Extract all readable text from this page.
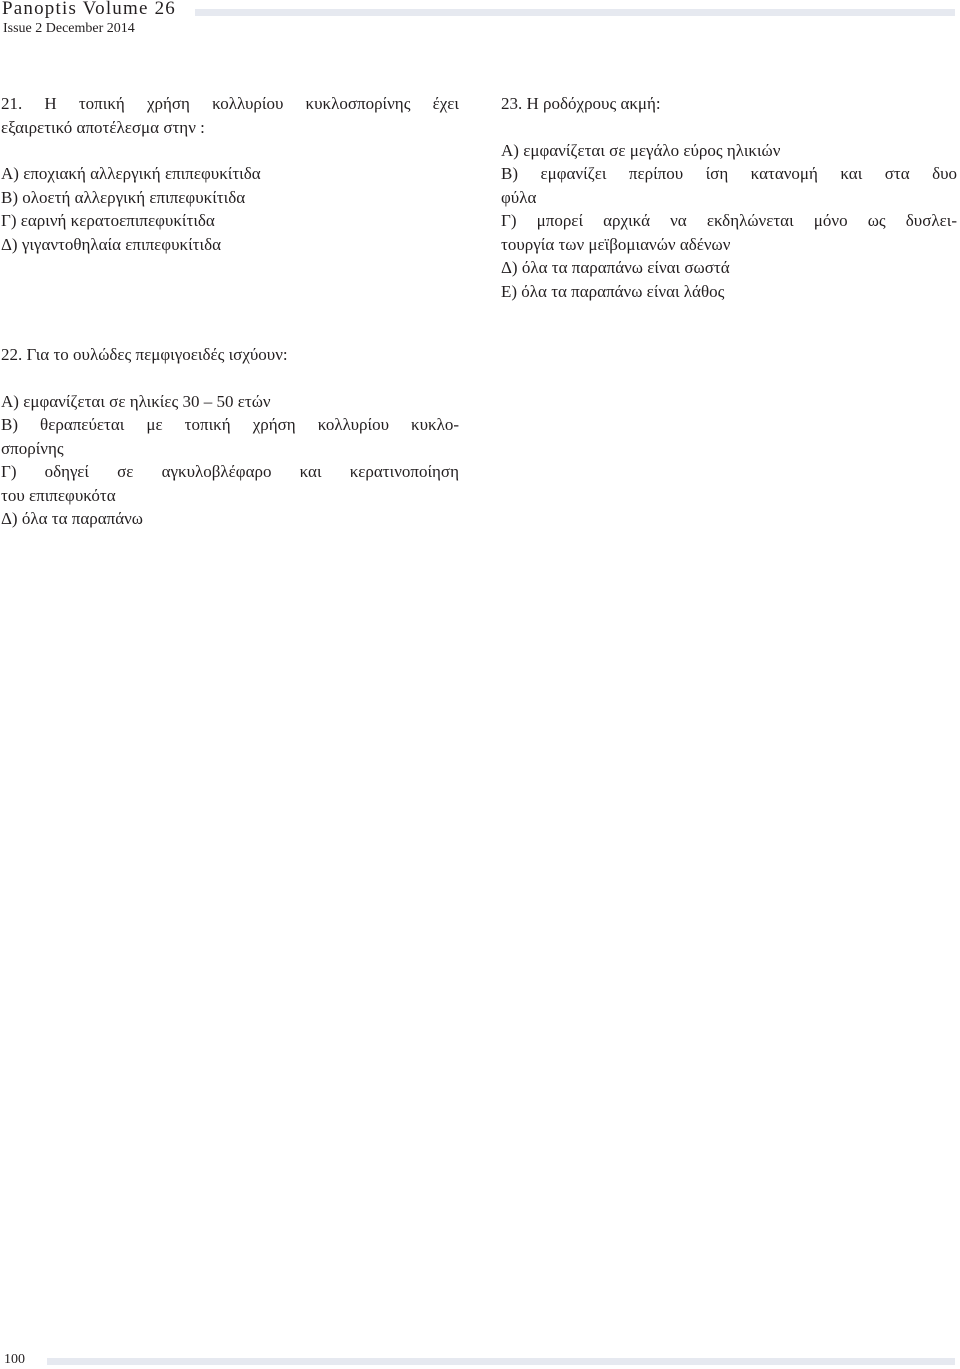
Panoptis Volume 26
Issue 2 December 2014
21. Η τοπική χρήση κολλυρίου κυκλοσπορίνης έχει
εξαιρετικό αποτέλεσμα στην :
Α) εποχιακή αλλεργική επιπεφυκίτιδα
Β) ολοετή αλλεργική επιπεφυκίτιδα
Γ) εαρινή κερατοεπιπεφυκίτιδα
Δ) γιγαντοθηλαία επιπεφυκίτιδα
22. Για το ουλώδες πεμφιγοειδές ισχύουν:
Α) εμφανίζεται σε ηλικίες 30 – 50 ετών
Β) θεραπεύεται με τοπική χρήση κολλυρίου κυκλο-
σπορίνης
Γ) οδηγεί σε αγκυλοβλέφαρο και κερατινοποίηση
του επιπεφυκότα
Δ) όλα τα παραπάνω
23. Η ροδόχρους ακμή:
Α) εμφανίζεται σε μεγάλο εύρος ηλικιών
Β) εμφανίζει περίπου ίση κατανομή και στα δυο
φύλα
Γ) μπορεί αρχικά να εκδηλώνεται μόνο ως δυσλει-
τουργία των μεϊβομιανών αδένων
Δ) όλα τα παραπάνω είναι σωστά
Ε) όλα τα παραπάνω είναι λάθος
100
